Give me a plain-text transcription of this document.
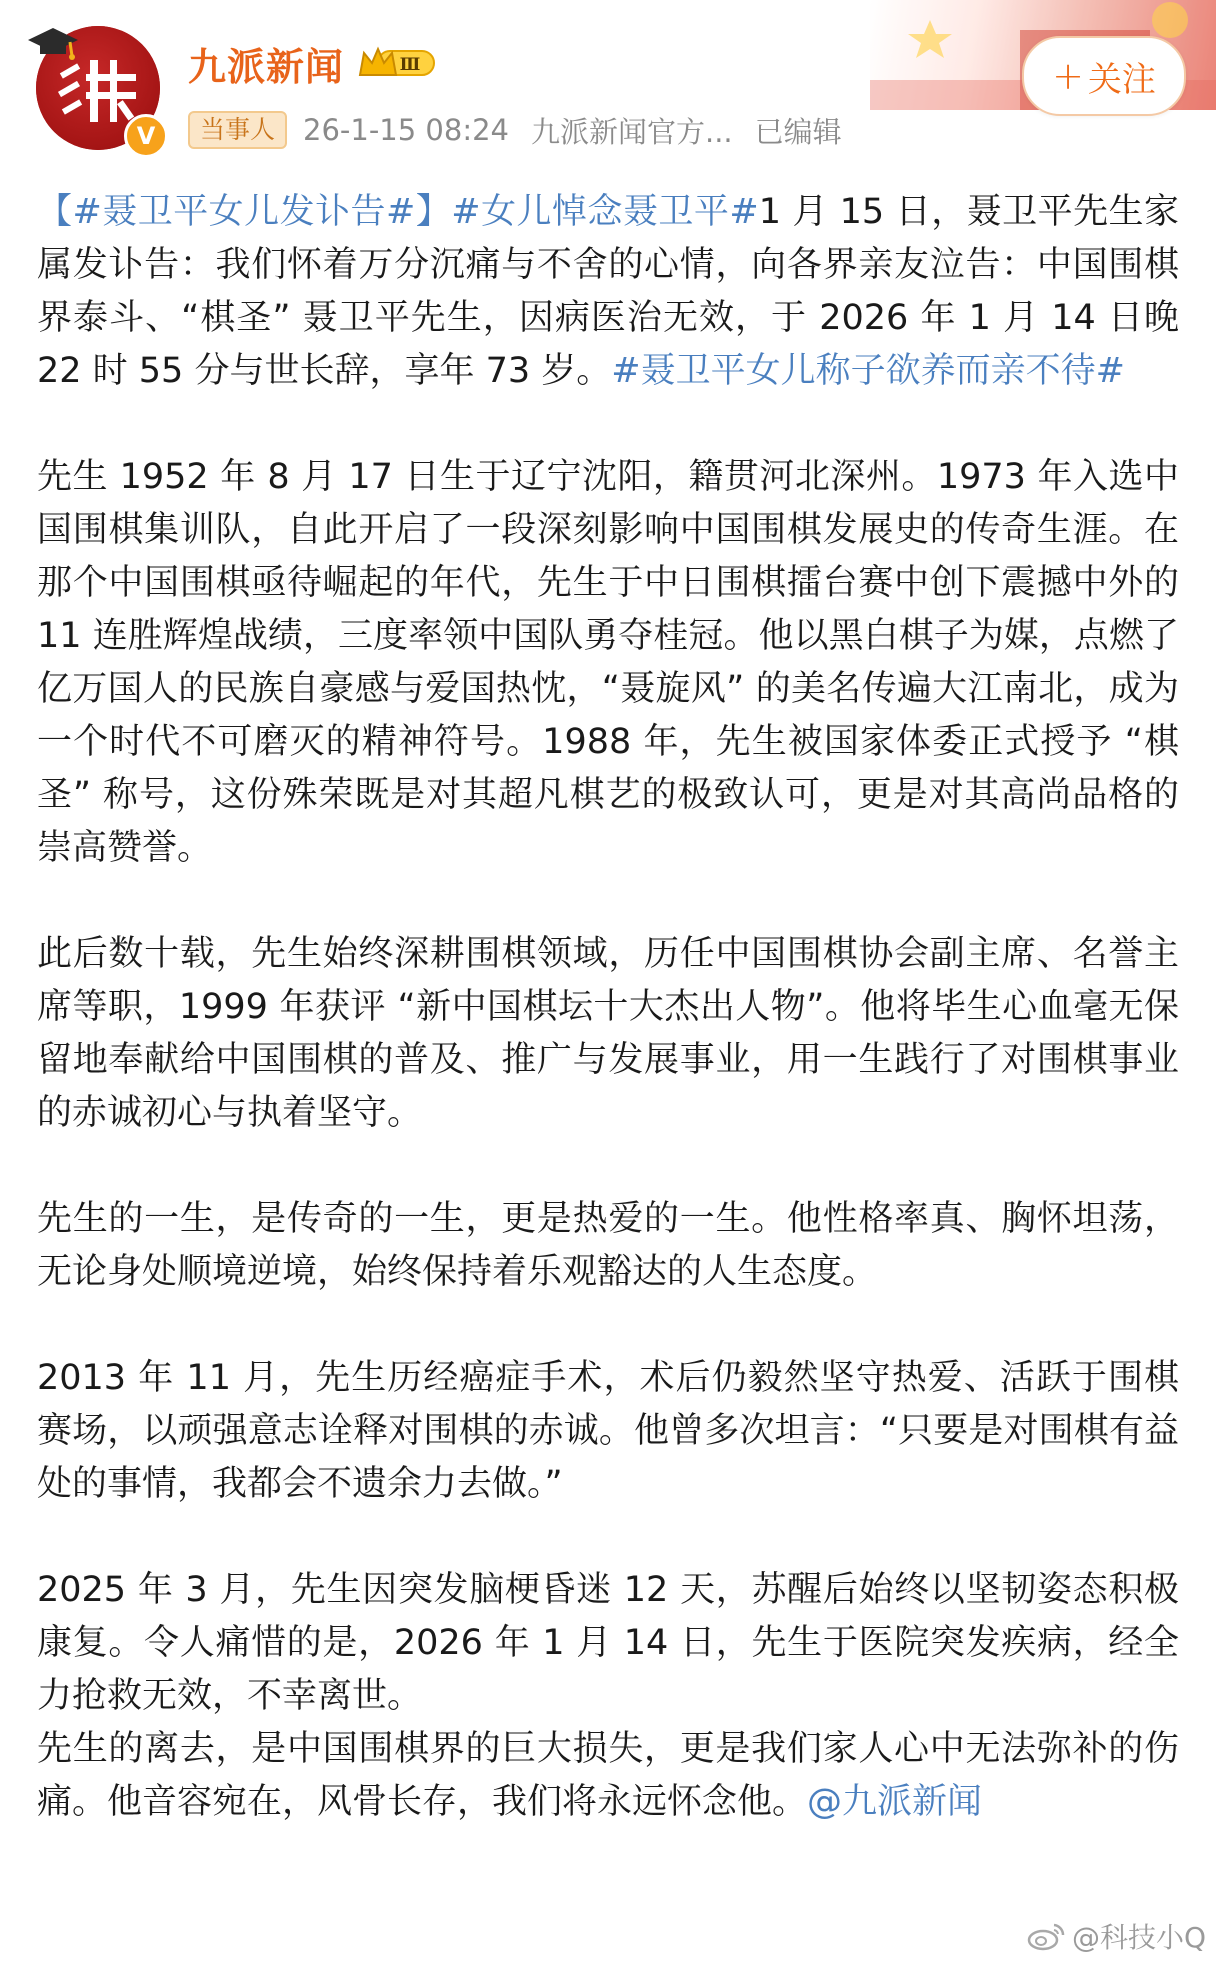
V
九派新闻	Ⅲ
当事人 26-1-15 08:24 九派新闻官方... 已编辑
+ 关注

【#聂卫平女儿发讣告#】#女儿悼念聂卫平#1 月 15 日，聂卫平先生家属发讣告：我们怀着万分沉痛与不舍的心情，向各界亲友泣告：中国围棋界泰斗、“棋圣” 聂卫平先生，因病医治无效，于 2026 年 1 月 14 日晚 22 时 55 分与世长辞，享年 73 岁。#聂卫平女儿称子欲养而亲不待#

先生 1952 年 8 月 17 日生于辽宁沈阳，籍贯河北深州。1973 年入选中国围棋集训队，自此开启了一段深刻影响中国围棋发展史的传奇生涯。在那个中国围棋亟待崛起的年代，先生于中日围棋擂台赛中创下震撼中外的 11 连胜辉煌战绩，三度率领中国队勇夺桂冠。他以黑白棋子为媒，点燃了亿万国人的民族自豪感与爱国热忱，“聂旋风” 的美名传遍大江南北，成为一个时代不可磨灭的精神符号。1988 年，先生被国家体委正式授予 “棋圣” 称号，这份殊荣既是对其超凡棋艺的极致认可，更是对其高尚品格的崇高赞誉。

此后数十载，先生始终深耕围棋领域，历任中国围棋协会副主席、名誉主席等职，1999 年获评 “新中国棋坛十大杰出人物”。他将毕生心血毫无保留地奉献给中国围棋的普及、推广与发展事业，用一生践行了对围棋事业的赤诚初心与执着坚守。

先生的一生，是传奇的一生，更是热爱的一生。他性格率真、胸怀坦荡，无论身处顺境逆境，始终保持着乐观豁达的人生态度。

2013 年 11 月，先生历经癌症手术，术后仍毅然坚守热爱、活跃于围棋赛场，以顽强意志诠释对围棋的赤诚。他曾多次坦言：“只要是对围棋有益处的事情，我都会不遗余力去做。”

2025 年 3 月，先生因突发脑梗昏迷 12 天，苏醒后始终以坚韧姿态积极康复。令人痛惜的是，2026 年 1 月 14 日，先生于医院突发疾病，经全力抢救无效，不幸离世。

先生的离去，是中国围棋界的巨大损失，更是我们家人心中无法弥补的伤痛。他音容宛在，风骨长存，我们将永远怀念他。@九派新闻

@科技小Q
